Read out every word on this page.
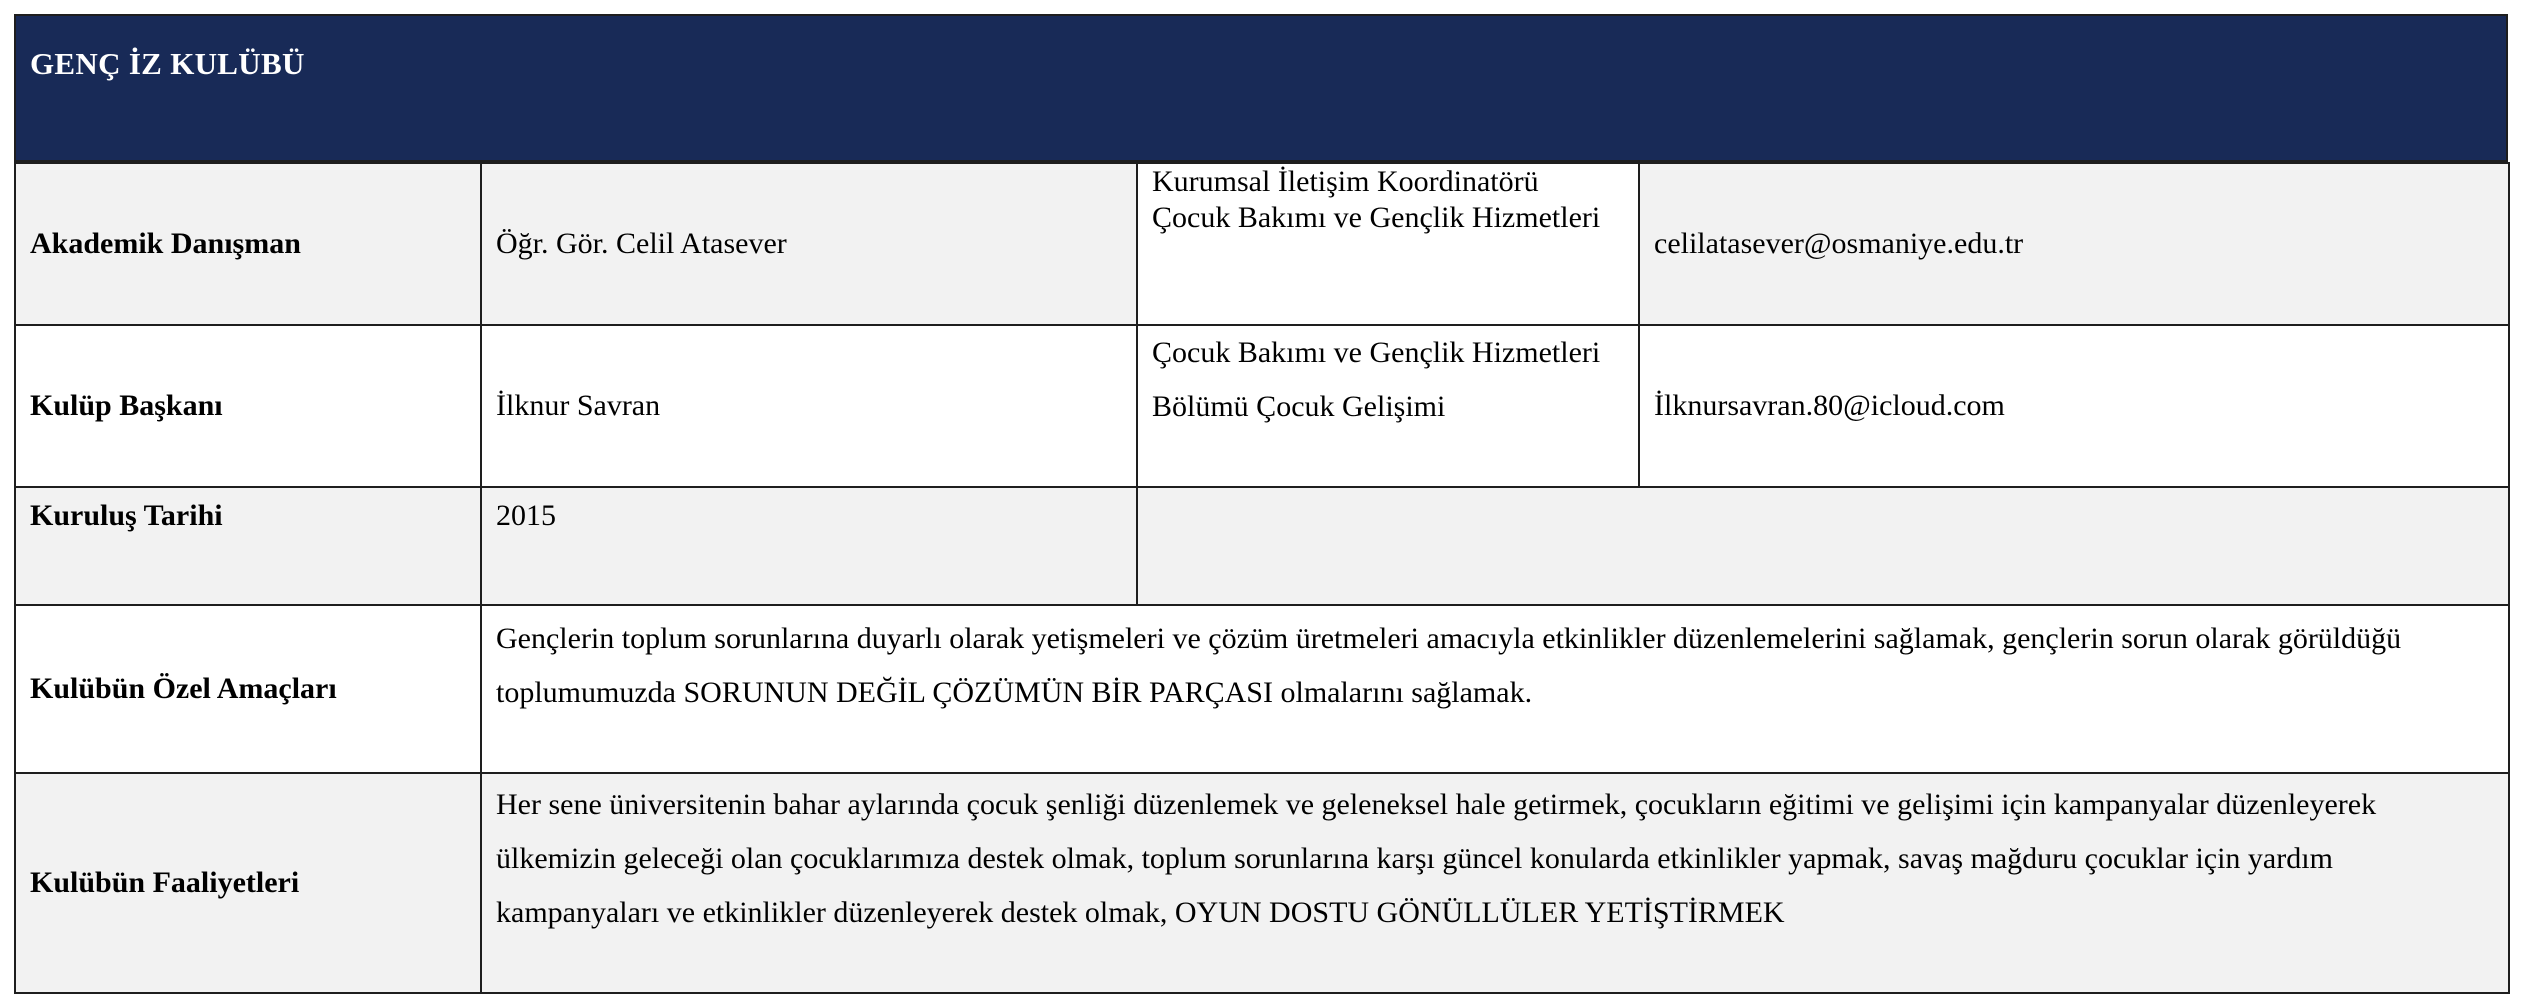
GENÇ İZ KULÜBÜ
Akademik Danışman	Öğr. Gör. Celil Atasever	Kurumsal İletişim Koordinatörü Çocuk Bakımı ve Gençlik Hizmetleri	celilatasever@osmaniye.edu.tr
Kulüp Başkanı	İlknur Savran	Çocuk Bakımı ve Gençlik Hizmetleri Bölümü Çocuk Gelişimi	İlknursavran.80@icloud.com
Kuruluş Tarihi	2015		
Kulübün Özel Amaçları	Gençlerin toplum sorunlarına duyarlı olarak yetişmeleri ve çözüm üretmeleri amacıyla etkinlikler düzenlemelerini sağlamak, gençlerin sorun olarak görüldüğü toplumumuzda SORUNUN DEĞİL ÇÖZÜMÜN BİR PARÇASI olmalarını sağlamak.		
Kulübün Faaliyetleri	Her sene üniversitenin bahar aylarında çocuk şenliği düzenlemek ve geleneksel hale getirmek, çocukların eğitimi ve gelişimi için kampanyalar düzenleyerek ülkemizin geleceği olan çocuklarımıza destek olmak, toplum sorunlarına karşı güncel konularda etkinlikler yapmak, savaş mağduru çocuklar için yardım kampanyaları ve etkinlikler düzenleyerek destek olmak, OYUN DOSTU GÖNÜLLÜLER YETİŞTİRMEK		
